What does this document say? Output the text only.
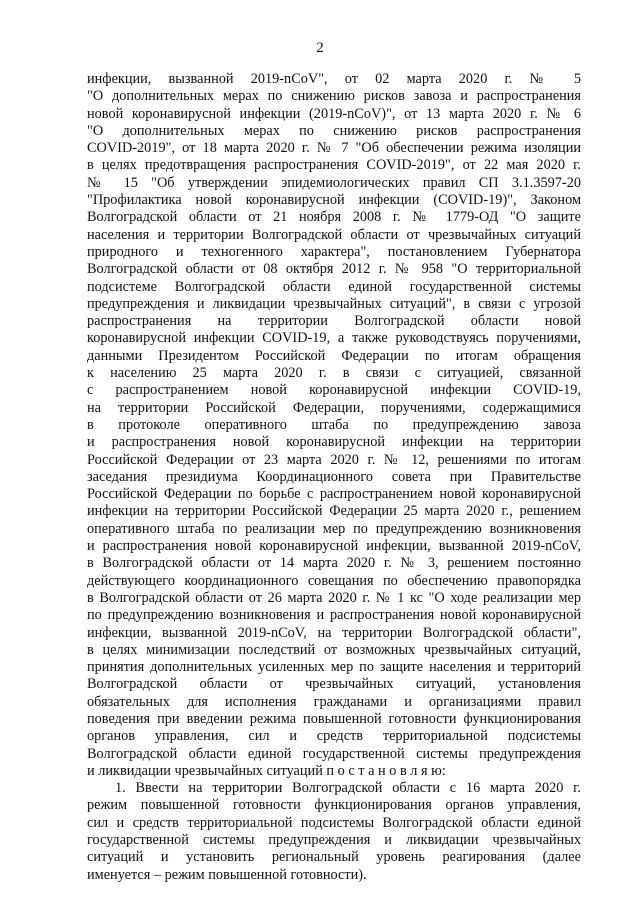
2
инфекции, вызванной 2019-nCoV", от 02 марта 2020 г. № 5
"О дополнительных мерах по снижению рисков завоза и распространения
новой коронавирусной инфекции (2019-nCoV)", от 13 марта 2020 г. № 6
"О дополнительных мерах по снижению рисков распространения
COVID-2019", от 18 марта 2020 г. № 7 "Об обеспечении режима изоляции
в целях предотвращения распространения COVID-2019", от 22 мая 2020 г.
№ 15 "Об утверждении эпидемиологических правил СП 3.1.3597-20
"Профилактика новой коронавирусной инфекции (COVID-19)", Законом
Волгоградской области от 21 ноября 2008 г. № 1779-ОД "О защите
населения и территории Волгоградской области от чрезвычайных ситуаций
природного и техногенного характера", постановлением Губернатора
Волгоградской области от 08 октября 2012 г. № 958 "О территориальной
подсистеме Волгоградской области единой государственной системы
предупреждения и ликвидации чрезвычайных ситуаций", в связи с угрозой
распространения на территории Волгоградской области новой
коронавирусной инфекции COVID-19, а также руководствуясь поручениями,
данными Президентом Российской Федерации по итогам обращения
к населению 25 марта 2020 г. в связи с ситуацией, связанной
с распространением новой коронавирусной инфекции COVID-19,
на территории Российской Федерации, поручениями, содержащимися
в протоколе оперативного штаба по предупреждению завоза
и распространения новой коронавирусной инфекции на территории
Российской Федерации от 23 марта 2020 г. № 12, решениями по итогам
заседания президиума Координационного совета при Правительстве
Российской Федерации по борьбе с распространением новой коронавирусной
инфекции на территории Российской Федерации 25 марта 2020 г., решением
оперативного штаба по реализации мер по предупреждению возникновения
и распространения новой коронавирусной инфекции, вызванной 2019-nCoV,
в Волгоградской области от 14 марта 2020 г. № 3, решением постоянно
действующего координационного совещания по обеспечению правопорядка
в Волгоградской области от 26 марта 2020 г. № 1 кс "О ходе реализации мер
по предупреждению возникновения и распространения новой коронавирусной
инфекции, вызванной 2019-nCoV, на территории Волгоградской области",
в целях минимизации последствий от возможных чрезвычайных ситуаций,
принятия дополнительных усиленных мер по защите населения и территорий
Волгоградской области от чрезвычайных ситуаций, установления
обязательных для исполнения гражданами и организациями правил
поведения при введении режима повышенной готовности функционирования
органов управления, сил и средств территориальной подсистемы
Волгоградской области единой государственной системы предупреждения
и ликвидации чрезвычайных ситуаций п о с т а н о в л я ю:
1. Ввести на территории Волгоградской области с 16 марта 2020 г.
режим повышенной готовности функционирования органов управления,
сил и средств территориальной подсистемы Волгоградской области единой
государственной системы предупреждения и ликвидации чрезвычайных
ситуаций и установить региональный уровень реагирования (далее
именуется – режим повышенной готовности).
